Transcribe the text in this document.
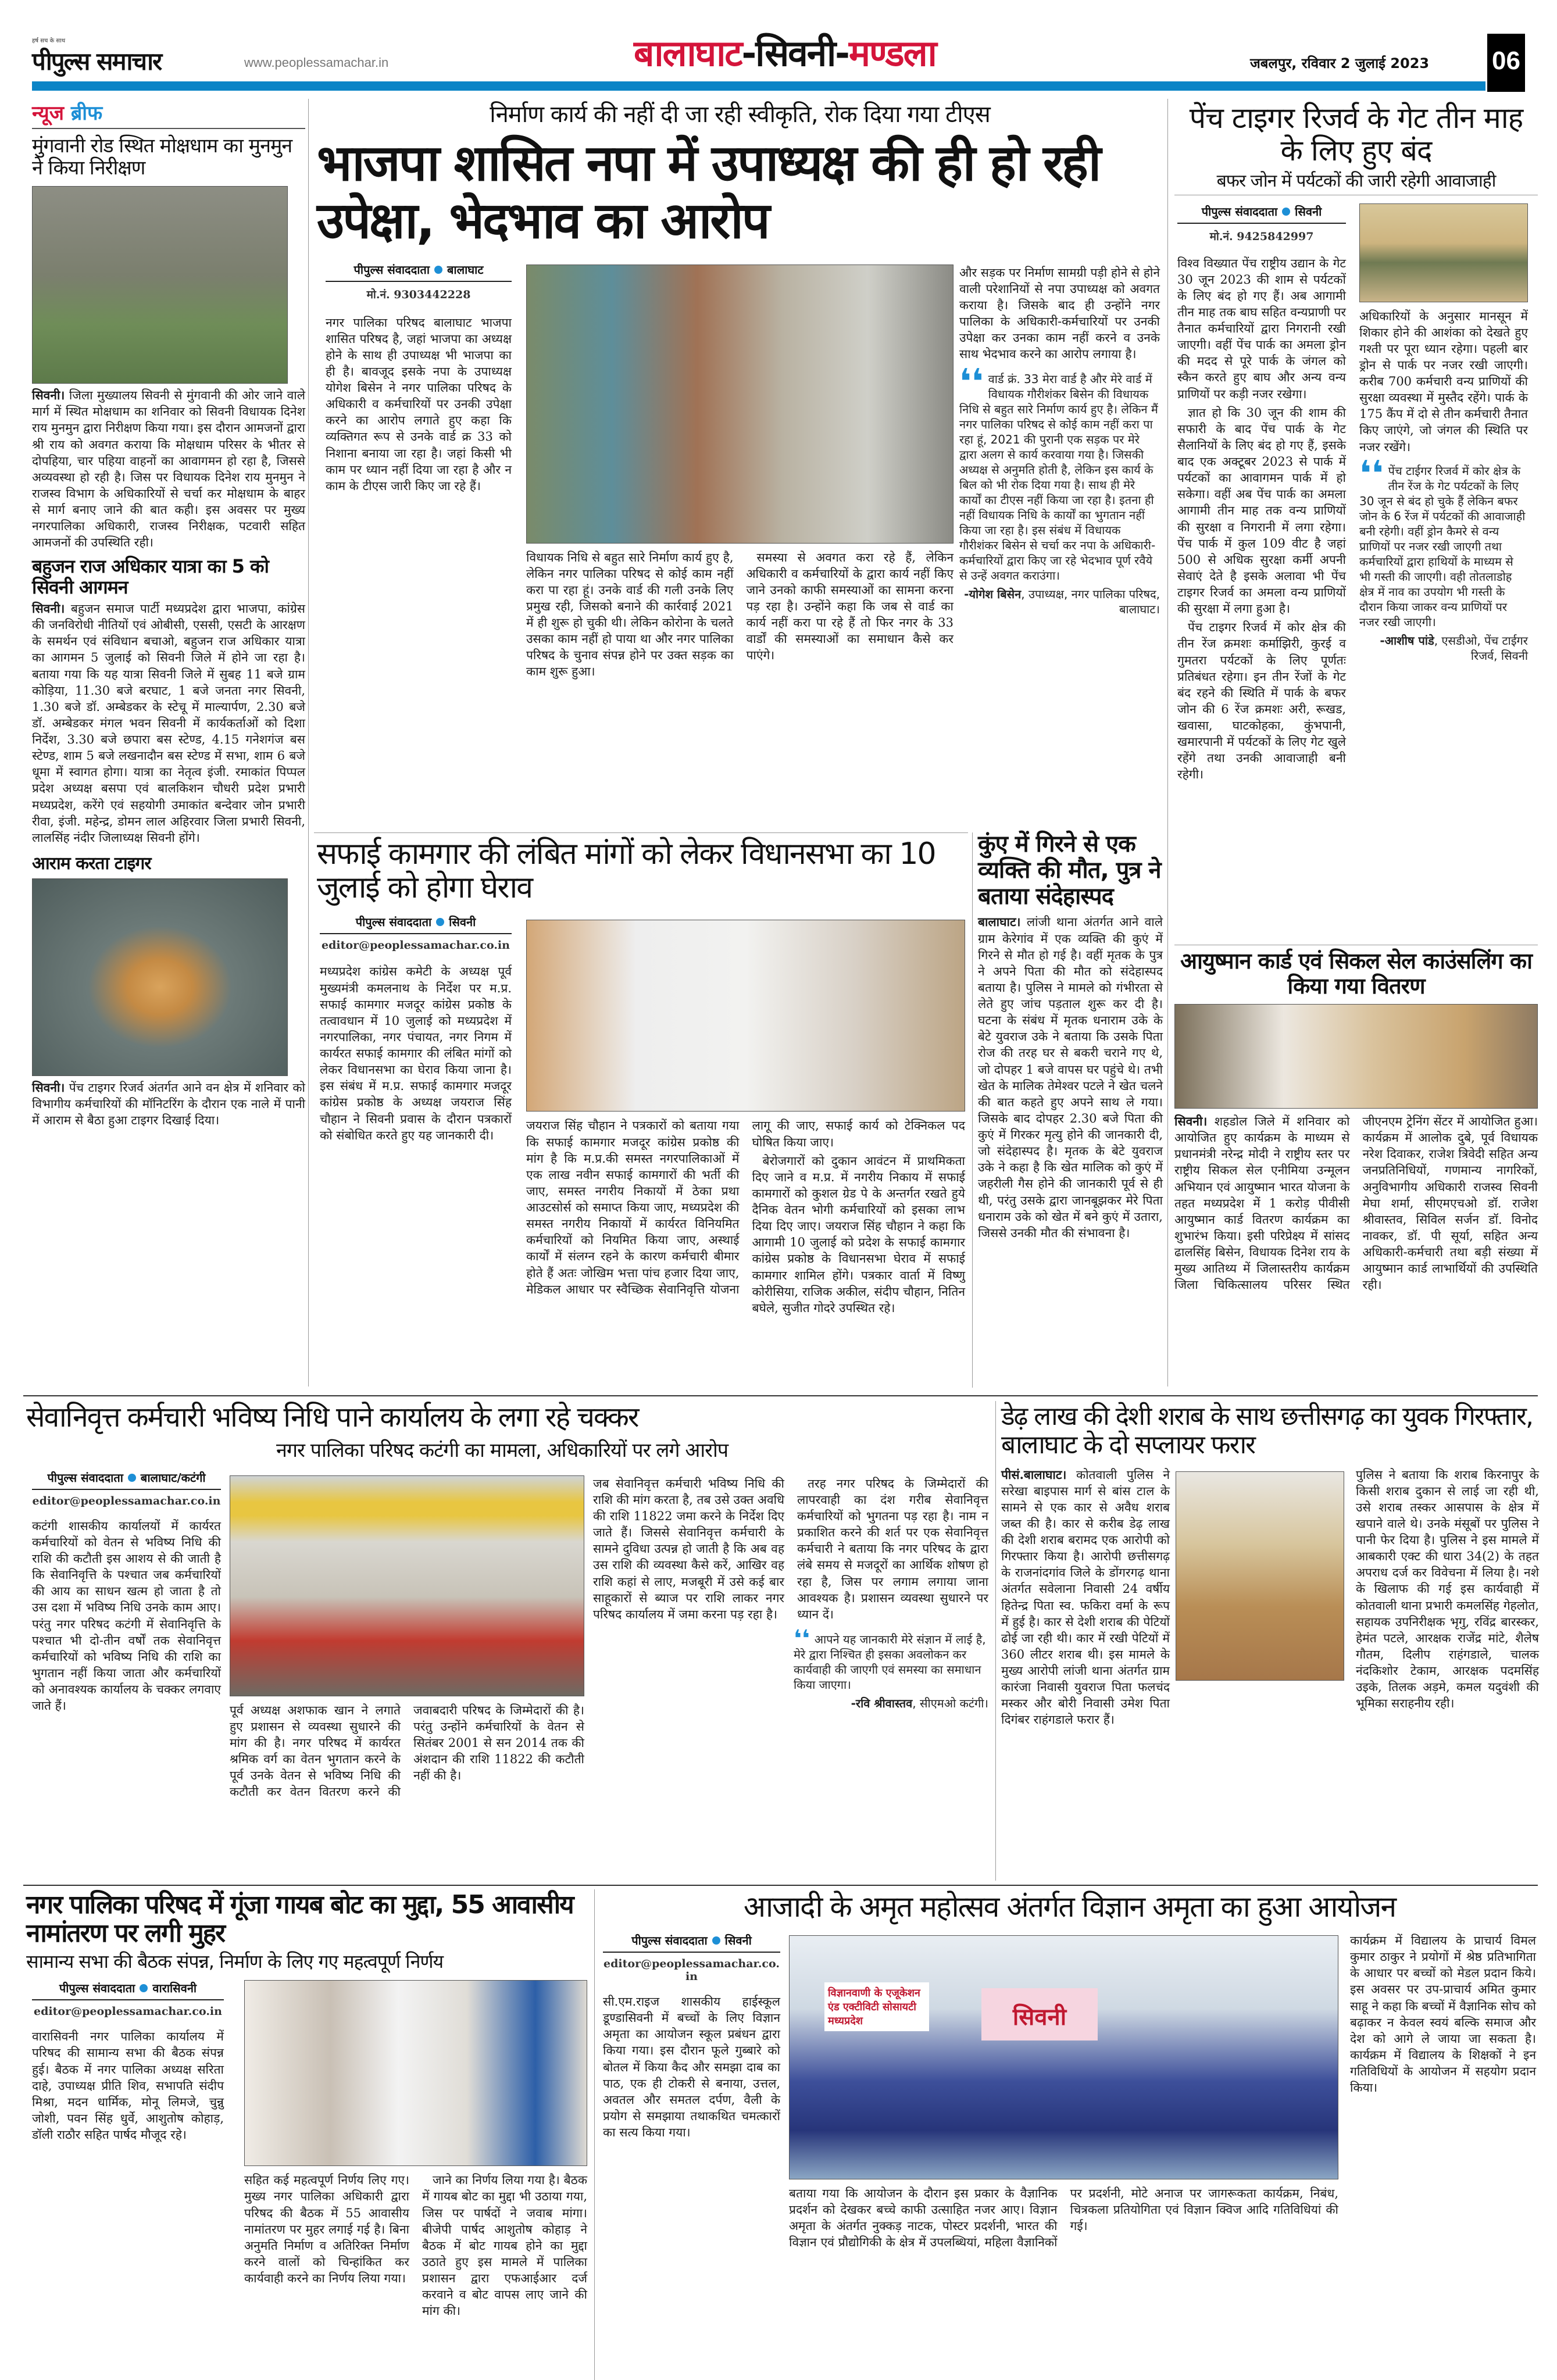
हर्ष सच के साथ
पीपुल्स समाचार	www.peoplessamachar.in	बालाघाट-सिवनी-मण्डला	जबलपुर, रविवार 2 जुलाई 2023 06
न्यूज ब्रीफ
मुंगवानी रोड स्थित मोक्षधाम का मुनमुन ने किया निरीक्षण
सिवनी। जिला मुख्यालय सिवनी से मुंगवानी की ओर जाने वाले मार्ग में स्थित मोक्षधाम का शनिवार को सिवनी विधायक दिनेश राय मुनमुन द्वारा निरीक्षण किया गया। इस दौरान आमजनों द्वारा श्री राय को अवगत कराया कि मोक्षधाम परिसर के भीतर से दोपहिया, चार पहिया वाहनों का आवागमन हो रहा है, जिससे अव्यवस्था हो रही है। जिस पर विधायक दिनेश राय मुनमुन ने राजस्व विभाग के अधिकारियों से चर्चा कर मोक्षधाम के बाहर से मार्ग बनाए जाने की बात कही। इस अवसर पर मुख्य नगरपालिका अधिकारी, राजस्व निरीक्षक, पटवारी सहित आमजनों की उपस्थिति रही।
बहुजन राज अधिकार यात्रा का 5 को सिवनी आगमन
सिवनी। बहुजन समाज पार्टी मध्यप्रदेश द्वारा भाजपा, कांग्रेस की जनविरोधी नीतियों एवं ओबीसी, एससी, एसटी के आरक्षण के समर्थन एवं संविधान बचाओ, बहुजन राज अधिकार यात्रा का आगमन 5 जुलाई को सिवनी जिले में होने जा रहा है। बताया गया कि यह यात्रा सिवनी जिले में सुबह 11 बजे ग्राम कोड़िया, 11.30 बजे बरघाट, 1 बजे जनता नगर सिवनी, 1.30 बजे डॉ. अम्बेडकर के स्टेचू में माल्यार्पण, 2.30 बजे डॉ. अम्बेडकर मंगल भवन सिवनी में कार्यकर्ताओं को दिशा निर्देश, 3.30 बजे छपारा बस स्टेण्ड, 4.15 गनेशगंज बस स्टेण्ड, शाम 5 बजे लखनादौन बस स्टेण्ड में सभा, शाम 6 बजे धूमा में स्वागत होगा। यात्रा का नेतृत्व इंजी. रमाकांत पिप्पल प्रदेश अध्यक्ष बसपा एवं बालकिशन चौधरी प्रदेश प्रभारी मध्यप्रदेश, करेंगे एवं सहयोगी उमाकांत बन्देवार जोन प्रभारी रीवा, इंजी. महेन्द्र, डोमन लाल अहिरवार जिला प्रभारी सिवनी, लालसिंह नंदीर जिलाध्यक्ष सिवनी होंगे।
आराम करता टाइगर
सिवनी। पेंच टाइगर रिजर्व अंतर्गत आने वन क्षेत्र में शनिवार को विभागीय कर्मचारियों की मॉनिटरिंग के दौरान एक नाले में पानी में आराम से बैठा हुआ टाइगर दिखाई दिया।
निर्माण कार्य की नहीं दी जा रही स्वीकृति, रोक दिया गया टीएस
भाजपा शासित नपा में उपाध्यक्ष की ही हो रही उपेक्षा, भेदभाव का आरोप
पीपुल्स संवाददाता बालाघाट
मो.नं. 9303442228
नगर पालिका परिषद बालाघाट भाजपा शासित परिषद है, जहां भाजपा का अध्यक्ष होने के साथ ही उपाध्यक्ष भी भाजपा का ही है। बावजूद इसके नपा के उपाध्यक्ष योगेश बिसेन ने नगर पालिका परिषद के अधिकारी व कर्मचारियों पर उनकी उपेक्षा करने का आरोप लगाते हुए कहा कि व्यक्तिगत रूप से उनके वार्ड क्र 33 को निशाना बनाया जा रहा है। जहां किसी भी काम पर ध्यान नहीं दिया जा रहा है और न काम के टीएस जारी किए जा रहे हैं।

विधायक निधि से बहुत सारे निर्माण कार्य हुए है, लेकिन नगर पालिका परिषद से कोई काम नहीं करा पा रहा हूं। उनके वार्ड की गली उनके लिए प्रमुख रही, जिसको बनाने की कार्रवाई 2021 में ही शुरू हो चुकी थी। लेकिन कोरोना के चलते उसका काम नहीं हो पाया था और नगर पालिका परिषद के चुनाव संपन्न होने पर उक्त सड़क का काम शुरू हुआ।

समस्या से अवगत करा रहे हैं, लेकिन अधिकारी व कर्मचारियों के द्वारा कार्य नहीं किए जाने उनको काफी समस्याओं का सामना करना पड़ रहा है। उन्होंने कहा कि जब से वार्ड का कार्य नहीं करा पा रहे हैं तो फिर नगर के 33 वार्डों की समस्याओं का समाधान कैसे कर पाएंगे।

और सड़क पर निर्माण सामग्री पड़ी होने से होने वाली परेशानियों से नपा उपाध्यक्ष को अवगत कराया है। जिसके बाद ही उन्होंने नगर पालिका के अधिकारी-कर्मचारियों पर उनकी उपेक्षा कर उनका काम नहीं करने व उनके साथ भेदभाव करने का आरोप लगाया है।
❛❛ वार्ड क्रं. 33 मेरा वार्ड है और मेरे वार्ड में विधायक गौरीशंकर बिसेन की विधायक निधि से बहुत सारे निर्माण कार्य हुए है। लेकिन मैं नगर पालिका परिषद से कोई काम नहीं करा पा रहा हूं, 2021 की पुरानी एक सड़क पर मेरे द्वारा अलग से कार्य करवाया गया है। जिसकी अध्यक्ष से अनुमति होती है, लेकिन इस कार्य के बिल को भी रोक दिया गया है। साथ ही मेरे कार्यों का टीएस नहीं किया जा रहा है। इतना ही नहीं विधायक निधि के कार्यों का भुगतान नहीं किया जा रहा है। इस संबंध में विधायक गौरीशंकर बिसेन से चर्चा कर नपा के अधिकारी-कर्मचारियों द्वारा किए जा रहे भेदभाव पूर्ण रवैये से उन्हें अवगत कराउंगा।
-योगेश बिसेन, उपाध्यक्ष, नगर पालिका परिषद, बालाघाट।
पेंच टाइगर रिजर्व के गेट तीन माह के लिए हुए बंद
बफर जोन में पर्यटकों की जारी रहेगी आवाजाही
पीपुल्स संवाददाता सिवनी
मो.नं. 9425842997

विश्व विख्यात पेंच राष्ट्रीय उद्यान के गेट 30 जून 2023 की शाम से पर्यटकों के लिए बंद हो गए हैं। अब आगामी तीन माह तक बाघ सहित वन्यप्राणी पर तैनात कर्मचारियों द्वारा निगरानी रखी जाएगी। वहीं पेंच पार्क का अमला ड्रोन की मदद से पूरे पार्क के जंगल को स्कैन करते हुए बाघ और अन्य वन्य प्राणियों पर कड़ी नजर रखेगा।

ज्ञात हो कि 30 जून की शाम की सफारी के बाद पेंच पार्क के गेट सैलानियों के लिए बंद हो गए हैं, इसके बाद एक अक्टूबर 2023 से पार्क में पर्यटकों का आवागमन पार्क में हो सकेगा। वहीं अब पेंच पार्क का अमला आगामी तीन माह तक वन्य प्राणियों की सुरक्षा व निगरानी में लगा रहेगा। पेंच पार्क में कुल 109 वीट है जहां 500 से अधिक सुरक्षा कर्मी अपनी सेवाएं देते है इसके अलावा भी पेंच टाइगर रिजर्व का अमला वन्य प्राणियों की सुरक्षा में लगा हुआ है।

पेंच टाइगर रिजर्व में कोर क्षेत्र की तीन रेंज क्रमशः कर्माझिरी, कुरई व गुमतरा पर्यटकों के लिए पूर्णतः प्रतिबंधत रहेगा। इन तीन रेंजों के गेट बंद रहने की स्थिति में पार्क के बफर जोन की 6 रेंज क्रमशः अरी, रूखड, खवासा, घाटकोहका, कुंभपानी, खमारपानी में पर्यटकों के लिए गेट खुले रहेंगे तथा उनकी आवाजाही बनी रहेगी।

अधिकारियों के अनुसार मानसून में शिकार होने की आशंका को देखते हुए गश्ती पर पूरा ध्यान रहेगा। पहली बार ड्रोन से पार्क पर नजर रखी जाएगी। करीब 700 कर्मचारी वन्य प्राणियों की सुरक्षा व्यवस्था में मुस्तैद रहेंगे। पार्क के 175 कैंप में दो से तीन कर्मचारी तैनात किए जाएंगे, जो जंगल की स्थिति पर नजर रखेंगे।

❛❛ पेंच टाईगर रिजर्व में कोर क्षेत्र के तीन रेंज के गेट पर्यटकों के लिए 30 जून से बंद हो चुके हैं लेकिन बफर जोन के 6 रेंज में पर्यटकों की आवाजाही बनी रहेगी। वहीं ड्रोन कैमरे से वन्य प्राणियों पर नजर रखी जाएगी तथा कर्मचारियों द्वारा हाथियों के माध्यम से भी गस्ती की जाएगी। वही तोतलाडोह क्षेत्र में नाव का उपयोग भी गस्ती के दौरान किया जाकर वन्य प्राणियों पर नजर रखी जाएगी।
-आशीष पांडे, एसडीओ, पेंच टाईगर रिजर्व, सिवनी
सफाई कामगार की लंबित मांगों को लेकर विधानसभा का 10 जुलाई को होगा घेराव
पीपुल्स संवाददाता सिवनी
editor@peoplessamachar.co.in
मध्यप्रदेश कांग्रेस कमेटी के अध्यक्ष पूर्व मुख्यमंत्री कमलनाथ के निर्देश पर म.प्र. सफाई कामगार मजदूर कांग्रेस प्रकोष्ठ के तत्वावधान में 10 जुलाई को मध्यप्रदेश में नगरपालिका, नगर पंचायत, नगर निगम में कार्यरत सफाई कामगार की लंबित मांगों को लेकर विधानसभा का घेराव किया जाना है। इस संबंध में म.प्र. सफाई कामगार मजदूर कांग्रेस प्रकोष्ठ के अध्यक्ष जयराज सिंह चौहान ने सिवनी प्रवास के दौरान पत्रकारों को संबोधित करते हुए यह जानकारी दी।

जयराज सिंह चौहान ने पत्रकारों को बताया गया कि सफाई कामगार मजदूर कांग्रेस प्रकोष्ठ की मांग है कि म.प्र.की समस्त नगरपालिकाओं में एक लाख नवीन सफाई कामगारों की भर्ती की जाए, समस्त नगरीय निकायों में ठेका प्रथा आउटसोर्स को समाप्त किया जाए, मध्यप्रदेश की समस्त नगरीय निकायों में कार्यरत विनियमित कर्मचारियों को नियमित किया जाए, अस्थाई कार्यों में संलग्न रहने के कारण कर्मचारी बीमार होते हैं अतः जोखिम भत्ता पांच हजार दिया जाए, मेडिकल आधार पर स्वैच्छिक सेवानिवृत्ति योजना लागू की जाए, सफाई कार्य को टेक्निकल पद घोषित किया जाए।

बेरोजगारों को दुकान आवंटन में प्राथमिकता दिए जाने व म.प्र. में नगरीय निकाय में सफाई कामगारों को कुशल ग्रेड पे के अन्तर्गत रखते हुये दैनिक वेतन भोगी कर्मचारियों को इसका लाभ दिया दिए जाए। जयराज सिंह चौहान ने कहा कि आगामी 10 जुलाई को प्रदेश के सफाई कामगार कांग्रेस प्रकोष्ठ के विधानसभा घेराव में सफाई कामगार शामिल होंगे। पत्रकार वार्ता में विष्णु कोरीसिया, राजिक अकील, संदीप चौहान, नितिन बघेले, सुजीत गोदरे उपस्थित रहे।

कुंए में गिरने से एक व्यक्ति की मौत, पुत्र ने बताया संदेहास्पद
बालाघाट। लांजी थाना अंतर्गत आने वाले ग्राम केरेगांव में एक व्यक्ति की कुएं में गिरने से मौत हो गई है। वहीं मृतक के पुत्र ने अपने पिता की मौत को संदेहास्पद बताया है। पुलिस ने मामले को गंभीरता से लेते हुए जांच पड़ताल शुरू कर दी है। घटना के संबंध में मृतक धनाराम उके के बेटे युवराज उके ने बताया कि उसके पिता रोज की तरह घर से बकरी चराने गए थे, जो दोपहर 1 बजे वापस घर पहुंचे थे। तभी खेत के मालिक तेमेश्वर पटले ने खेत चलने की बात कहते हुए अपने साथ ले गया। जिसके बाद दोपहर 2.30 बजे पिता की कुएं में गिरकर मृत्यु होने की जानकारी दी, जो संदेहास्पद है। मृतक के बेटे युवराज उके ने कहा है कि खेत मालिक को कुएं में जहरीली गैस होने की जानकारी पूर्व से ही थी, परंतु उसके द्वारा जानबूझकर मेरे पिता धनाराम उके को खेत में बने कुएं में उतारा, जिससे उनकी मौत की संभावना है।
आयुष्मान कार्ड एवं सिकल सेल काउंसलिंग का किया गया वितरण
सिवनी। शहडोल जिले में शनिवार को आयोजित हुए कार्यक्रम के माध्यम से प्रधानमंत्री नरेन्द्र मोदी ने राष्ट्रीय स्तर पर राष्ट्रीय सिकल सेल एनीमिया उन्मूलन अभियान एवं आयुष्मान भारत योजना के तहत मध्यप्रदेश में 1 करोड़ पीवीसी आयुष्मान कार्ड वितरण कार्यक्रम का शुभारंभ किया। इसी परिप्रेक्ष्य में सांसद ढालसिंह बिसेन, विधायक दिनेश राय के मुख्य आतिथ्य में जिलास्तरीय कार्यक्रम जिला चिकित्सालय परिसर स्थित जीएनएम ट्रेनिंग सेंटर में आयोजित हुआ। कार्यक्रम में आलोक दुबे, पूर्व विधायक नरेश दिवाकर, राजेश त्रिवेदी सहित अन्य जनप्रतिनिधियों, गणमान्य नागरिकों, अनुविभागीय अधिकारी राजस्व सिवनी मेघा शर्मा, सीएमएचओ डॉ. राजेश श्रीवास्तव, सिविल सर्जन डॉ. विनोद नावकर, डॉ. पी सूर्या, सहित अन्य अधिकारी-कर्मचारी तथा बड़ी संख्या में आयुष्मान कार्ड लाभार्थियों की उपस्थिति रही।
सेवानिवृत्त कर्मचारी भविष्य निधि पाने कार्यालय के लगा रहे चक्कर
नगर पालिका परिषद कटंगी का मामला, अधिकारियों पर लगे आरोप
पीपुल्स संवाददाता बालाघाट/कटंगी
editor@peoplessamachar.co.in
कटंगी शासकीय कार्यालयों में कार्यरत कर्मचारियों को वेतन से भविष्य निधि की राशि की कटौती इस आशय से की जाती है कि सेवानिवृत्ति के पश्चात जब कर्मचारियों की आय का साधन खत्म हो जाता है तो उस दशा में भविष्य निधि उनके काम आए। परंतु नगर परिषद कटंगी में सेवानिवृत्ति के पश्चात भी दो-तीन वर्षों तक सेवानिवृत्त कर्मचारियों को भविष्य निधि की राशि का भुगतान नहीं किया जाता और कर्मचारियों को अनावश्यक कार्यालय के चक्कर लगवाए जाते हैं।	पूर्व अध्यक्ष अशफाक खान ने लगाते हुए प्रशासन से व्यवस्था सुधारने की मांग की है। नगर परिषद में कार्यरत श्रमिक वर्ग का वेतन भुगतान करने के पूर्व उनके वेतन से भविष्य निधि की कटौती कर वेतन वितरण करने की जवाबदारी परिषद के जिम्मेदारों की है। परंतु उन्होंने कर्मचारियों के वेतन से सितंबर 2001 से सन 2014 तक की अंशदान की राशि 11822 की कटौती नहीं की है।

जब सेवानिवृत्त कर्मचारी भविष्य निधि की राशि की मांग करता है, तब उसे उक्त अवधि की राशि 11822 जमा करने के निर्देश दिए जाते हैं। जिससे सेवानिवृत्त कर्मचारी के सामने दुविधा उत्पन्न हो जाती है कि अब वह उस राशि की व्यवस्था कैसे करें, आखिर वह राशि कहां से लाए, मजबूरी में उसे कई बार साहूकारों से ब्याज पर राशि लाकर नगर परिषद कार्यालय में जमा करना पड़ रहा है।

तरह नगर परिषद के जिम्मेदारों की लापरवाही का दंश गरीब सेवानिवृत्त कर्मचारियों को भुगतना पड़ रहा है। नाम न प्रकाशित करने की शर्त पर एक सेवानिवृत्त कर्मचारी ने बताया कि नगर परिषद के द्वारा लंबे समय से मजदूरों का आर्थिक शोषण हो रहा है, जिस पर लगाम लगाया जाना आवश्यक है। प्रशासन व्यवस्था सुधारने पर ध्यान दें।

❛❛ आपने यह जानकारी मेरे संज्ञान में लाई है, मेरे द्वारा निश्चित ही इसका अवलोकन कर कार्यवाही की जाएगी एवं समस्या का समाधान किया जाएगा।
-रवि श्रीवास्तव, सीएमओ कटंगी।
डेढ़ लाख की देशी शराब के साथ छत्तीसगढ़ का युवक गिरफ्तार, बालाघाट के दो सप्लायर फरार
पीसं.बालाघाट। कोतवाली पुलिस ने सरेखा बाइपास मार्ग से बांस टाल के सामने से एक कार से अवैध शराब जब्त की है। कार से करीब डेढ़ लाख की देशी शराब बरामद एक आरोपी को गिरफ्तार किया है। आरोपी छत्तीसगढ़ के राजनांदगांव जिले के डोंगरगढ़ थाना अंतर्गत सवेलाना निवासी 24 वर्षीय हितेन्द्र पिता स्व. फकिरा वर्मा के रूप में हुई है। कार से देशी शराब की पेटियों ढोई जा रही थी। कार में रखी पेटियों में 360 लीटर शराब थी। इस मामले के मुख्य आरोपी लांजी थाना अंतर्गत ग्राम कारंजा निवासी युवराज पिता फलचंद मस्कर और बोरी निवासी उमेश पिता दिगंबर राहंगडाले फरार हैं।

पुलिस ने बताया कि शराब किरनापुर के किसी शराब दुकान से लाई जा रही थी, उसे शराब तस्कर आसपास के क्षेत्र में खपाने वाले थे। उनके मंसूबों पर पुलिस ने पानी फेर दिया है। पुलिस ने इस मामले में आबकारी एक्ट की धारा 34(2) के तहत अपराध दर्ज कर विवेचना में लिया है। नशे के खिलाफ की गई इस कार्यवाही में कोतवाली थाना प्रभारी कमलसिंह गेहलोत, सहायक उपनिरीक्षक भृगु, रविंद्र बारस्कर, हेमंत पटले, आरक्षक राजेंद्र मांटे, शैलेष गौतम, दिलीप राहंगडाले, चालक नंदकिशोर टेकाम, आरक्षक पदमसिंह उइके, तिलक अड़मे, कमल यदुवंशी की भूमिका सराहनीय रही।

नगर पालिका परिषद में गूंजा गायब बोट का मुद्दा, 55 आवासीय नामांतरण पर लगी मुहर
सामान्य सभा की बैठक संपन्न, निर्माण के लिए गए महत्वपूर्ण निर्णय
पीपुल्स संवाददाता वारासिवनी
editor@peoplessamachar.co.in
वारासिवनी नगर पालिका कार्यालय में परिषद की सामान्य सभा की बैठक संपन्न हुई। बैठक में नगर पालिका अध्यक्ष सरिता दाहे, उपाध्यक्ष प्रीति शिव, सभापति संदीप मिश्रा, मदन धार्मिक, मोनू लिमजे, चुन्नु जोशी, पवन सिंह धुर्वे, आशुतोष कोहाड़, डॉली राठौर सहित पार्षद मौजूद रहे।

सहित कई महत्वपूर्ण निर्णय लिए गए। मुख्य नगर पालिका अधिकारी द्वारा परिषद की बैठक में 55 आवासीय नामांतरण पर मुहर लगाई गई है। बिना अनुमति निर्माण व अतिरिक्त निर्माण करने वालों को चिन्हांकित कर कार्यवाही करने का निर्णय लिया गया।

जाने का निर्णय लिया गया है। बैठक में गायब बोट का मुद्दा भी उठाया गया, जिस पर पार्षदों ने जवाब मांगा। बीजेपी पार्षद आशुतोष कोहाड़ ने बैठक में बोट गायब होने का मुद्दा उठाते हुए इस मामले में पालिका प्रशासन द्वारा एफआईआर दर्ज करवाने व बोट वापस लाए जाने की मांग की।

आजादी के अमृत महोत्सव अंतर्गत विज्ञान अमृता का हुआ आयोजन
पीपुल्स संवाददाता सिवनी
editor@peoplessamachar.co.in
सी.एम.राइज शासकीय हाईस्कूल डूण्डासिवनी में बच्चों के लिए विज्ञान अमृता का आयोजन स्कूल प्रबंधन द्वारा किया गया। इस दौरान फूले गुब्बारे को बोतल में किया कैद और समझा दाब का पाठ, एक ही टोकरी से बनाया, उत्तल, अवतल और समतल दर्पण, वैली के प्रयोग से समझाया तथाकथित चमत्कारों का सत्य किया गया।
विज्ञानवाणी के एजूकेशन एंड एक्टीविटी सोसायटी मध्यप्रदेश	सिवनी

बताया गया कि आयोजन के दौरान इस प्रकार के वैज्ञानिक प्रदर्शन को देखकर बच्चे काफी उत्साहित नजर आए। विज्ञान अमृता के अंतर्गत नुक्कड़ नाटक, पोस्टर प्रदर्शनी, भारत की विज्ञान एवं प्रौद्योगिकी के क्षेत्र में उपलब्धियां, महिला वैज्ञानिकों पर प्रदर्शनी, मोटे अनाज पर जागरूकता कार्यक्रम, निबंध, चित्रकला प्रतियोगिता एवं विज्ञान क्विज आदि गतिविधियां की गई।

कार्यक्रम में विद्यालय के प्राचार्य विमल कुमार ठाकुर ने प्रयोगों में श्रेष्ठ प्रतिभागिता के आधार पर बच्चों को मेडल प्रदान किये। इस अवसर पर उप-प्राचार्य अमित कुमार साहू ने कहा कि बच्चों में वैज्ञानिक सोच को बढ़ाकर न केवल स्वयं बल्कि समाज और देश को आगे ले जाया जा सकता है। कार्यक्रम में विद्यालय के शिक्षकों ने इन गतिविधियों के आयोजन में सहयोग प्रदान किया।
